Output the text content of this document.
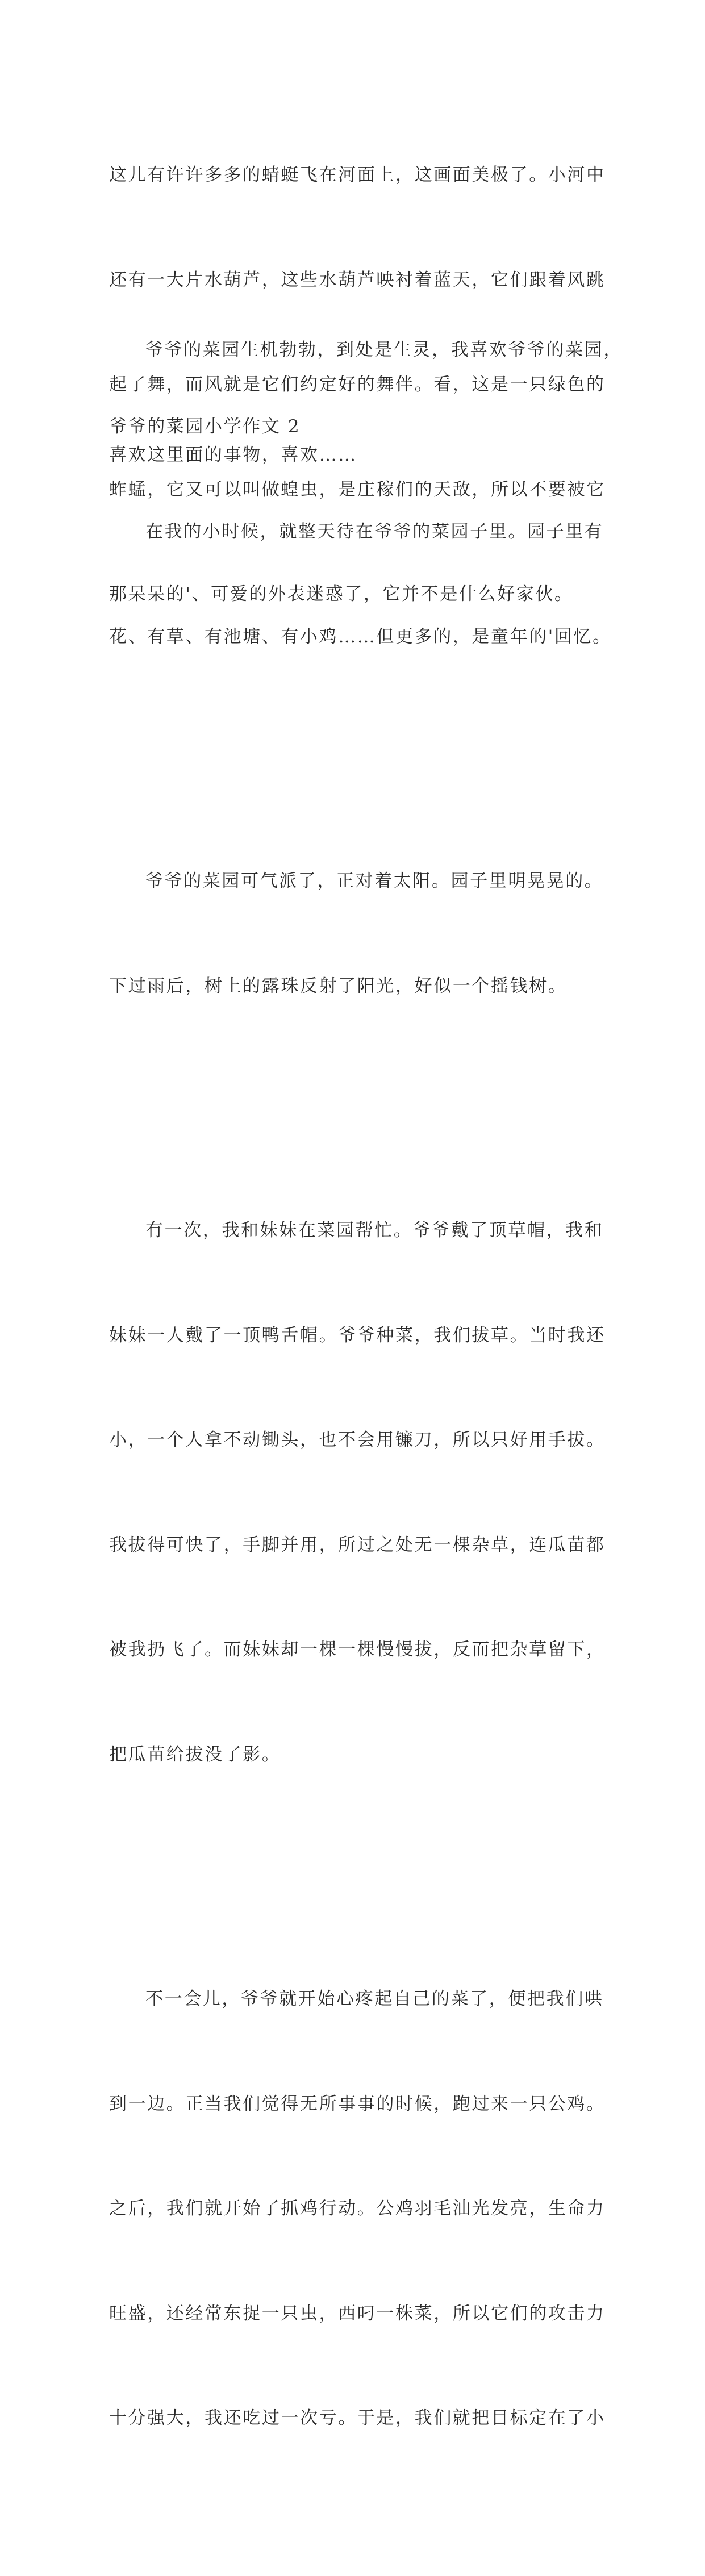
这儿有许许多多的蜻蜓飞在河面上，这画面美极了。小河中

还有一大片水葫芦，这些水葫芦映衬着蓝天，它们跟着风跳

起了舞，而风就是它们约定好的舞伴。看，这是一只绿色的

蚱蜢，它又可以叫做蝗虫，是庄稼们的天敌，所以不要被它

那呆呆的'、可爱的外表迷惑了，它并不是什么好家伙。

爷爷的菜园生机勃勃，到处是生灵，我喜欢爷爷的菜园，

喜欢这里面的事物，喜欢……

爷爷的菜园小学作文 2

在我的小时候，就整天待在爷爷的菜园子里。园子里有

花、有草、有池塘、有小鸡……但更多的，是童年的'回忆。

爷爷的菜园可气派了，正对着太阳。园子里明晃晃的。

下过雨后，树上的露珠反射了阳光，好似一个摇钱树。

有一次，我和妹妹在菜园帮忙。爷爷戴了顶草帽，我和

妹妹一人戴了一顶鸭舌帽。爷爷种菜，我们拔草。当时我还

小，一个人拿不动锄头，也不会用镰刀，所以只好用手拔。

我拔得可快了，手脚并用，所过之处无一棵杂草，连瓜苗都

被我扔飞了。而妹妹却一棵一棵慢慢拔，反而把杂草留下，

把瓜苗给拔没了影。

不一会儿，爷爷就开始心疼起自己的菜了，便把我们哄

到一边。正当我们觉得无所事事的时候，跑过来一只公鸡。

之后，我们就开始了抓鸡行动。公鸡羽毛油光发亮，生命力

旺盛，还经常东捉一只虫，西叼一株菜，所以它们的攻击力

十分强大，我还吃过一次亏。于是，我们就把目标定在了小
